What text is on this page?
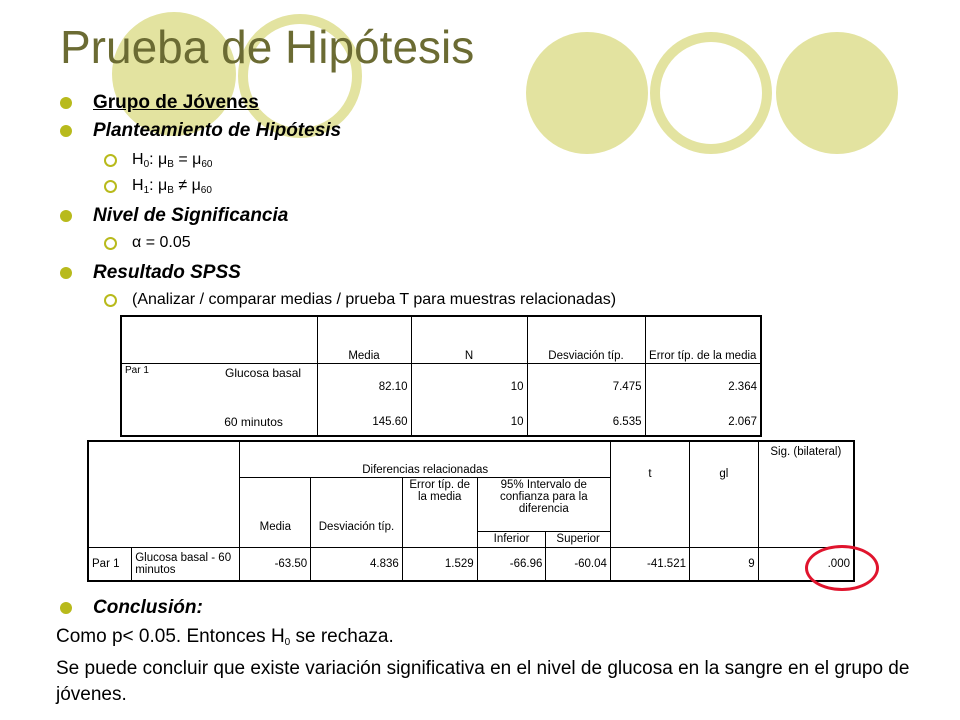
Prueba de Hipótesis
Grupo de Jóvenes
Planteamiento de Hipótesis
$H_0$: μB = μ60
$H_1$: μB ≠ μ60
Nivel de Significancia
α = 0.05
Resultado SPSS
(Analizar / comparar medias / prueba T para muestras relacionadas)
	Media	N	Desviación típ.	Error típ. de la media

Par 1 Glucosa basal	82.10	10	7.475	2.364

60 minutos	145.60	10	6.535	2.067
		Diferencias relacionadas					t	gl	Sig. (bilateral)
		Media	Desviación típ.	Error típ. de la media	95% Intervalo de confianza para la diferencia				
					Inferior	Superior			
Par 1	Glucosa basal - 60 minutos	-63.50	4.836	1.529	-66.96	-60.04	-41.521	9	.000
Conclusión:
Como p< 0.05. Entonces $H_0$ se rechaza.
Se puede concluir que existe variación significativa en el nivel de glucosa en la sangre en el grupo de jóvenes.
